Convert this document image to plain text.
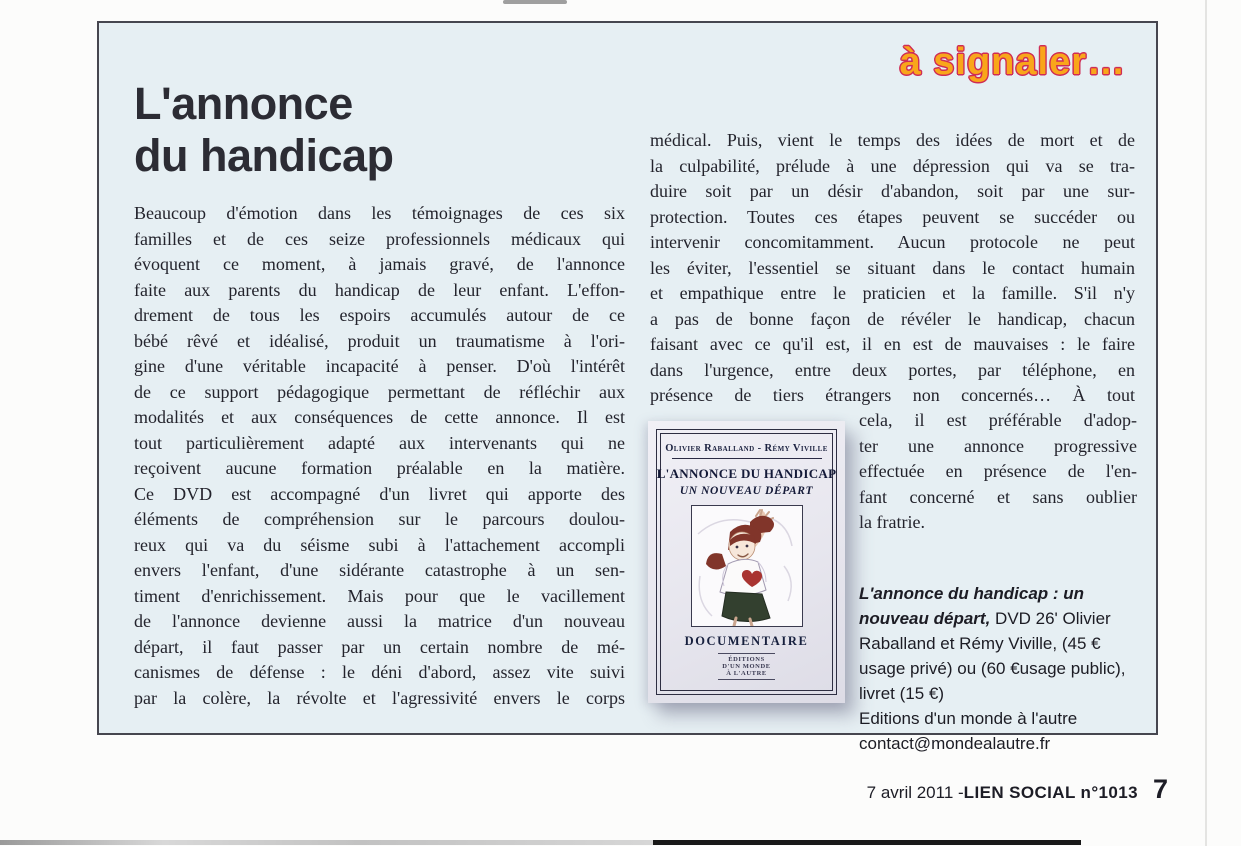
à signaler…
L'annonce
du handicap
Beaucoup d'émotion dans les témoignages de ces six
familles et de ces seize professionnels médicaux qui
évoquent ce moment, à jamais gravé, de l'annonce
faite aux parents du handicap de leur enfant. L'effon-
drement de tous les espoirs accumulés autour de ce
bébé rêvé et idéalisé, produit un traumatisme à l'ori-
gine d'une véritable incapacité à penser. D'où l'intérêt
de ce support pédagogique permettant de réfléchir aux
modalités et aux conséquences de cette annonce. Il est
tout particulièrement adapté aux intervenants qui ne
reçoivent aucune formation préalable en la matière.
Ce DVD est accompagné d'un livret qui apporte des
éléments de compréhension sur le parcours doulou-
reux qui va du séisme subi à l'attachement accompli
envers l'enfant, d'une sidérante catastrophe à un sen-
timent d'enrichissement. Mais pour que le vacillement
de l'annonce devienne aussi la matrice d'un nouveau
départ, il faut passer par un certain nombre de mé-
canismes de défense : le déni d'abord, assez vite suivi
par la colère, la révolte et l'agressivité envers le corps
médical. Puis, vient le temps des idées de mort et de
la culpabilité, prélude à une dépression qui va se tra-
duire soit par un désir d'abandon, soit par une sur-
protection. Toutes ces étapes peuvent se succéder ou
intervenir concomitamment. Aucun protocole ne peut
les éviter, l'essentiel se situant dans le contact humain
et empathique entre le praticien et la famille. S'il n'y
a pas de bonne façon de révéler le handicap, chacun
faisant avec ce qu'il est, il en est de mauvaises : le faire
dans l'urgence, entre deux portes, par téléphone, en
présence de tiers étrangers non concernés… À tout
cela, il est préférable d'adop-
ter une annonce progressive
effectuée en présence de l'en-
fant concerné et sans oublier
la fratrie.
Olivier Raballand - Rémy Viville
L'ANNONCE DU HANDICAP
UN NOUVEAU DÉPART
DOCUMENTAIRE
ÉDITIONS
D'UN MONDE
À L'AUTRE

L'annonce du handicap : un nouveau départ, DVD 26' Olivier Raballand et Rémy Viville, (45 € usage privé) ou (60 €usage public), livret (15 €)
Editions d'un monde à l'autre
contact@mondealautre.fr

7 avril 2011 - LIEN SOCIAL n°1013 7
